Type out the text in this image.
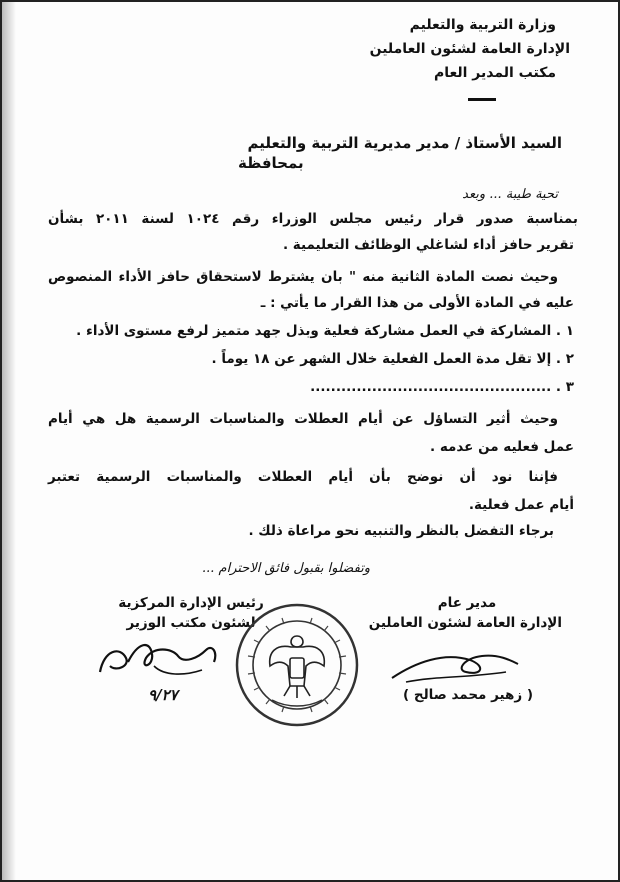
وزارة التربية والتعليم
الإدارة العامة لشئون العاملين
مكتب المدير العام
السيد الأستاذ / مدير مديرية التربية والتعليم
بمحافظة
تحية طيبة ... وبعد
بمناسبة صدور قرار رئيس مجلس الوزراء رقم ١٠٢٤ لسنة ٢٠١١ بشأن
تقرير حافز أداء لشاغلي الوظائف التعليمية .
وحيث نصت المادة الثانية منه " بان يشترط لاستحقاق حافز الأداء المنصوص
عليه في المادة الأولى من هذا القرار ما يأتي : ـ
١ . المشاركة في العمل مشاركة فعلية وبذل جهد متميز لرفع مستوى الأداء .
٢ . إلا تقل مدة العمل الفعلية خلال الشهر عن ١٨ يوماً .
٣ . ...............................................
وحيث أثير التساؤل عن أيام العطلات والمناسبات الرسمية هل هي أيام
عمل فعليه من عدمه .
فإننا نود أن نوضح بأن أيام العطلات والمناسبات الرسمية تعتبر
أيام عمل فعلية.
برجاء التفضل بالنظر والتنبيه نحو مراعاة ذلك .
وتفضلوا بقبول فائق الاحترام ...
مدير عام
الإدارة العامة لشئون العاملين
( زهير محمد صالح )
رئيس الإدارة المركزية
لشئون مكتب الوزير
٩/٢٧
